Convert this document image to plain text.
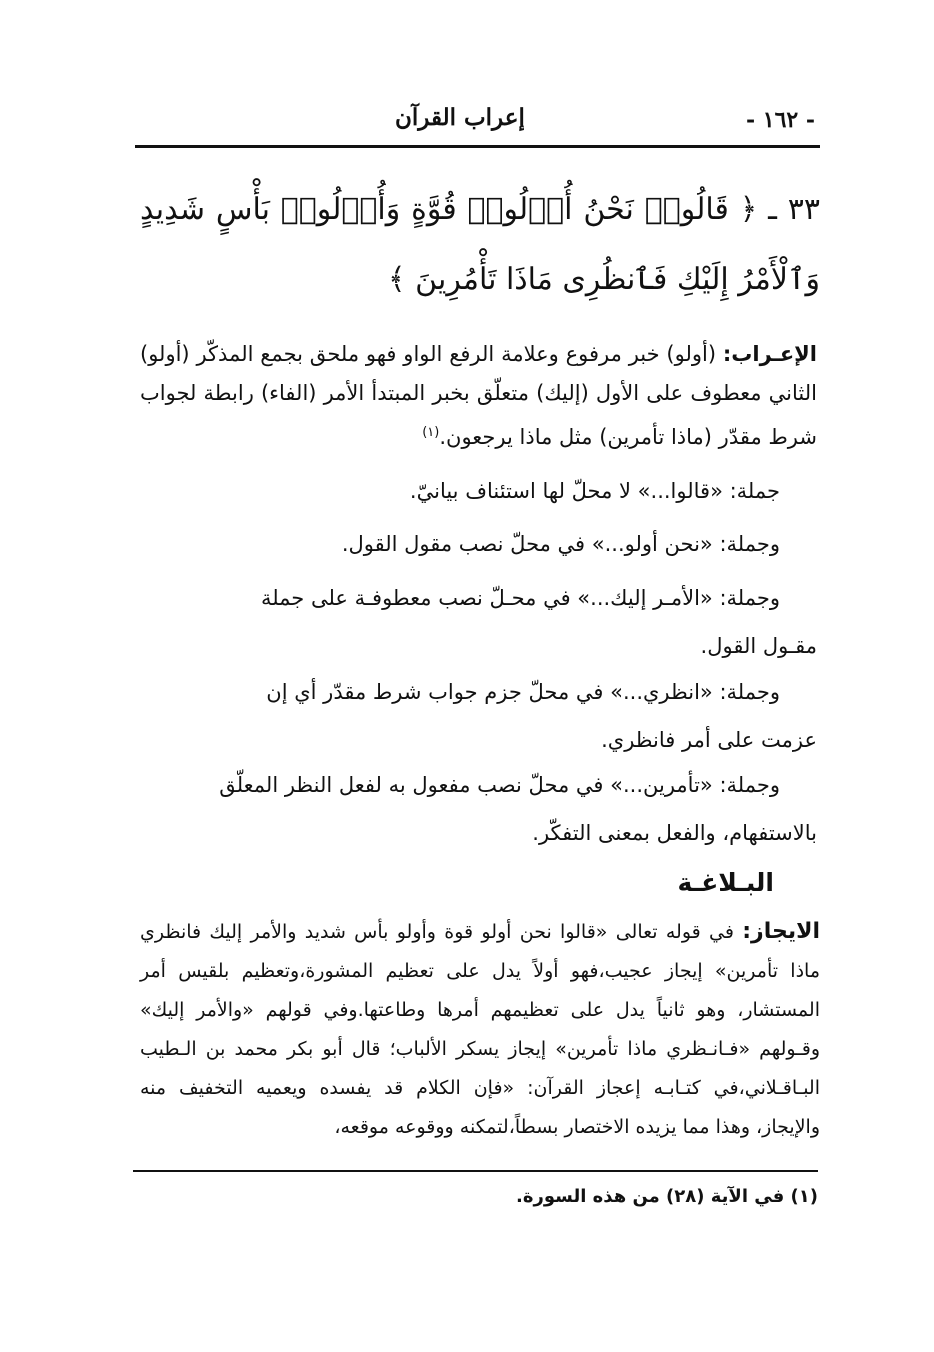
- ١٦٢ -
إعراب القرآن
٣٣ ـ ﴿ قَالُوا۟ نَحْنُ أُو۟لُوا۟ قُوَّةٍ وَأُو۟لُوا۟ بَأْسٍ شَدِيدٍ وَٱلْأَمْرُ إِلَيْكِ فَٱنظُرِى مَاذَا تَأْمُرِينَ ﴾
الإعـراب: (أولو) خبر مرفوع وعلامة الرفع الواو فهو ملحق بجمع المذكّر (أولو) الثاني معطوف على الأول (إليك) متعلّق بخبر المبتدأ الأمر (الفاء) رابطة لجواب شرط مقدّر (ماذا تأمرين) مثل ماذا يرجعون.$^{(١)}$
جملة: «قالوا...» لا محلّ لها استئناف بيانيّ.
وجملة: «نحن أولو...» في محلّ نصب مقول القول.
وجملة: «الأمـر إليك...» في محـلّ نصب معطوفـة على جملة
مقـول القول.
وجملة: «انظري...» في محلّ جزم جواب شرط مقدّر أي إن
عزمت على أمر فانظري.
وجملة: «تأمرين...» في محلّ نصب مفعول به لفعل النظر المعلّق
بالاستفهام، والفعل بمعنى التفكّر.
البـلاغـة
الايجاز: في قوله تعالى «قالوا نحن أولو قوة وأولو بأس شديد والأمر إليك فانظري ماذا تأمرين» إيجاز عجيب،فهو أولاً يدل على تعظيم المشورة،وتعظيم بلقيس أمر المستشار، وهو ثانياً يدل على تعظيمهم أمرها وطاعتها.وفي قولهم «والأمر إليك» وقـولهم «فـانـظري ماذا تأمرين» إيجاز يسكر الألباب؛ قال أبو بكر محمد بن الـطيب البـاقـلاني،في كتـابـه إعجاز القرآن: «فإن الكلام قد يفسده ويعميه التخفيف منه والإيجاز، وهذا مما يزيده الاختصار بسطاً،لتمكنه ووقوعه موقعه،
(١) في الآية (٢٨) من هذه السورة.
